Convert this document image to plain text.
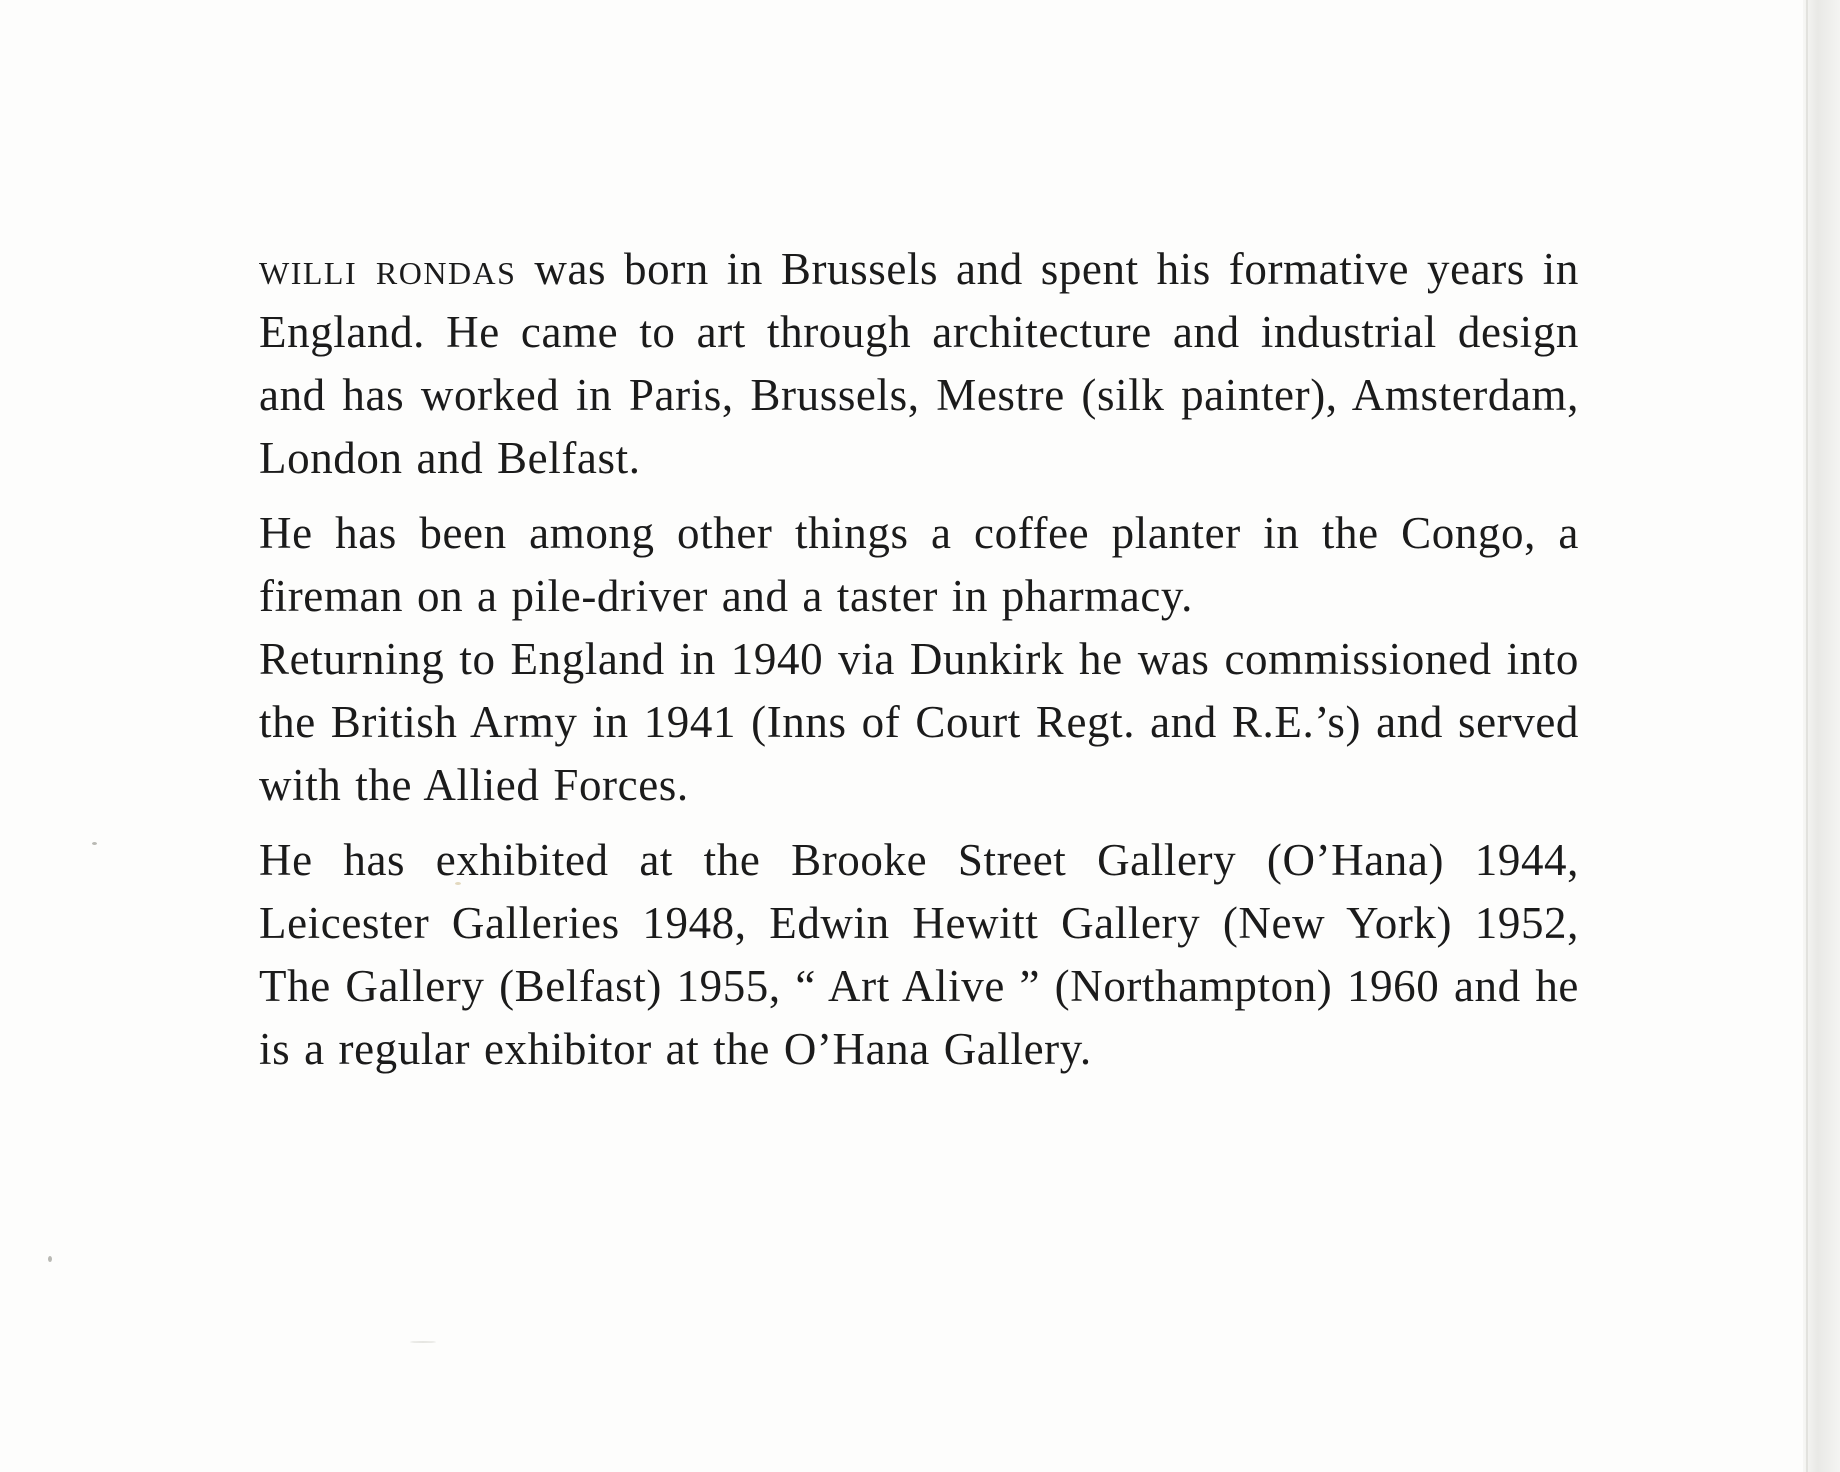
willi rondas was born in Brussels and spent his formative years in England. He came to art through architecture and industrial design and has worked in Paris, Brussels, Mestre (silk painter), Amsterdam, London and Belfast.

He has been among other things a coffee planter in the Congo, a fireman on a pile-driver and a taster in pharmacy.

Returning to England in 1940 via Dunkirk he was commissioned into the British Army in 1941 (Inns of Court Regt. and R.E.’s) and served with the Allied Forces.

He has exhibited at the Brooke Street Gallery (O’Hana) 1944, Leicester Galleries 1948, Edwin Hewitt Gallery (New York) 1952, The Gallery (Belfast) 1955, “ Art Alive ” (Northampton) 1960 and he is a regular exhibitor at the O’Hana Gallery.
